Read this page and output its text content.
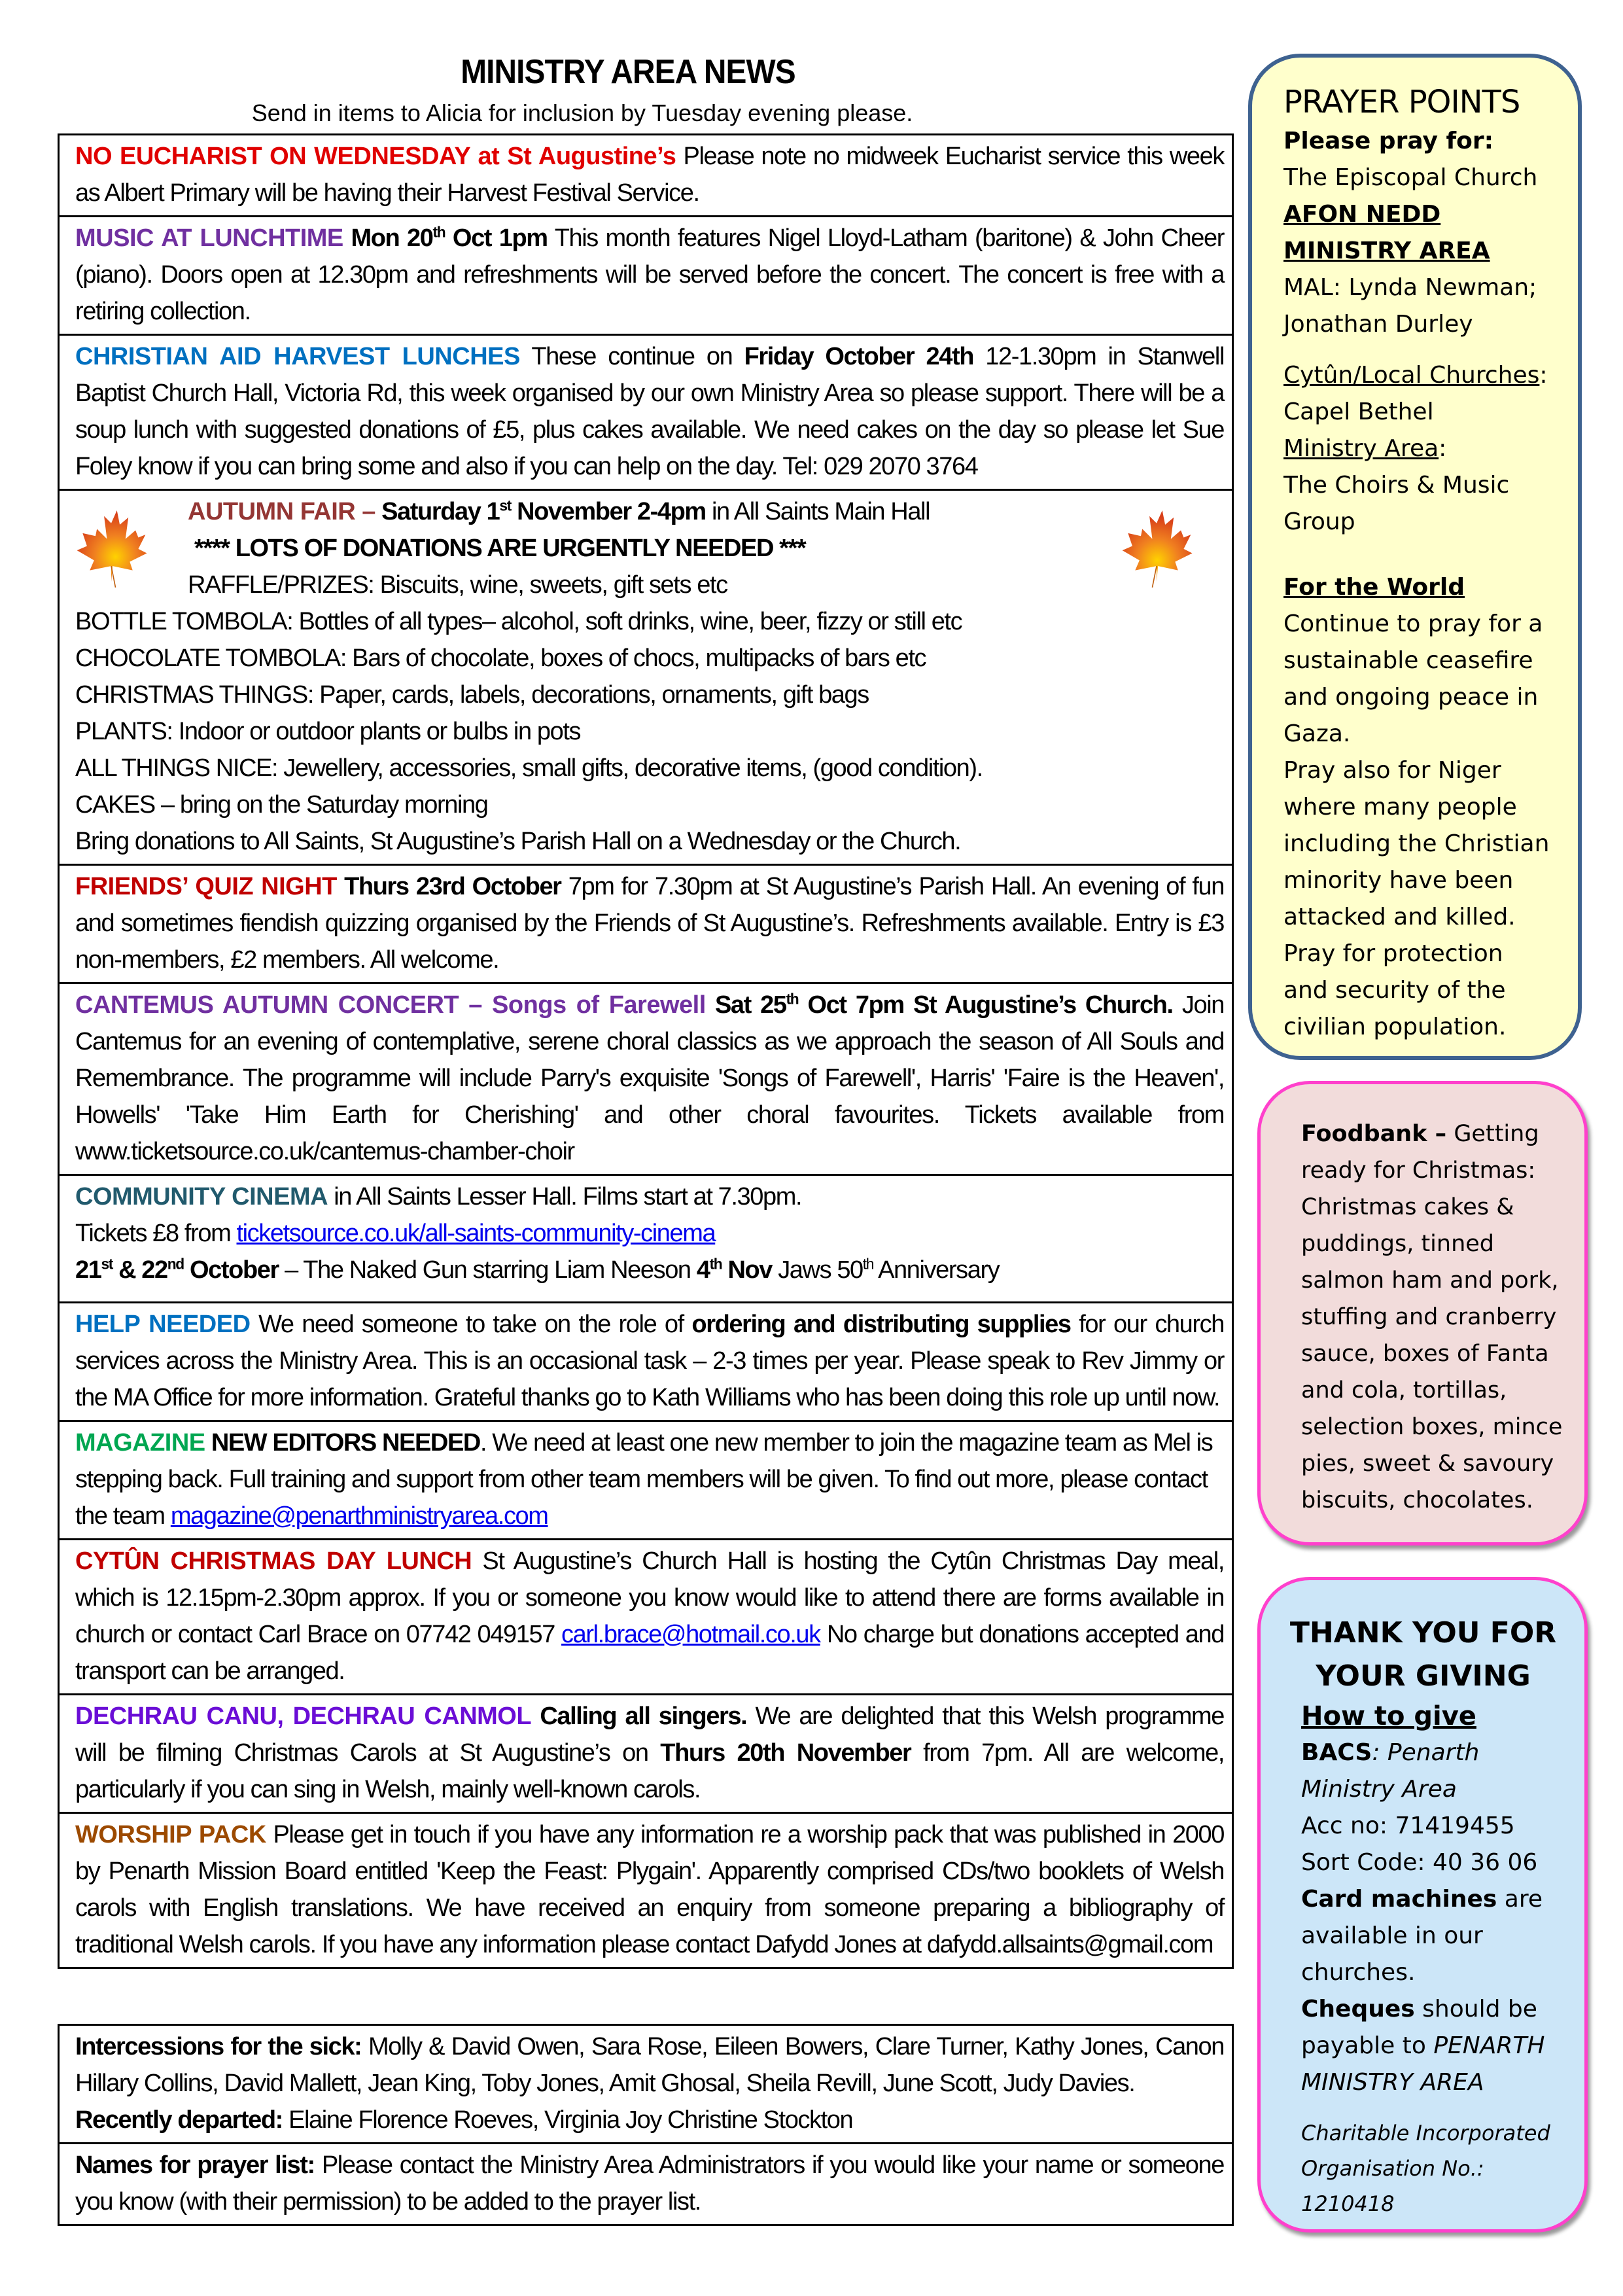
MINISTRY AREA NEWS
Send in items to Alicia for inclusion by Tuesday evening please.
NO EUCHARIST ON WEDNESDAY at St Augustine’s Please note no midweek Eucharist service this week as Albert Primary will be having their Harvest Festival Service.
MUSIC AT LUNCHTIME Mon 20th Oct 1pm This month features Nigel Lloyd-Latham (baritone) & John Cheer (piano). Doors open at 12.30pm and refreshments will be served before the concert. The concert is free with a retiring collection.
CHRISTIAN AID HARVEST LUNCHES These continue on Friday October 24th 12-1.30pm in Stanwell Baptist Church Hall, Victoria Rd, this week organised by our own Ministry Area so please support. There will be a soup lunch with suggested donations of £5, plus cakes available. We need cakes on the day so please let Sue Foley know if you can bring some and also if you can help on the day. Tel: 029 2070 3764
AUTUMN FAIR – Saturday 1st November 2-4pm in All Saints Main Hall
**** LOTS OF DONATIONS ARE URGENTLY NEEDED ***
RAFFLE/PRIZES: Biscuits, wine, sweets, gift sets etc
BOTTLE TOMBOLA: Bottles of all types– alcohol, soft drinks, wine, beer, fizzy or still etc
CHOCOLATE TOMBOLA: Bars of chocolate, boxes of chocs, multipacks of bars etc
CHRISTMAS THINGS: Paper, cards, labels, decorations, ornaments, gift bags
PLANTS: Indoor or outdoor plants or bulbs in pots
ALL THINGS NICE: Jewellery, accessories, small gifts, decorative items, (good condition).
CAKES – bring on the Saturday morning
Bring donations to All Saints, St Augustine’s Parish Hall on a Wednesday or the Church.
FRIENDS’ QUIZ NIGHT Thurs 23rd October 7pm for 7.30pm at St Augustine’s Parish Hall. An evening of fun and sometimes fiendish quizzing organised by the Friends of St Augustine’s. Refreshments available. Entry is £3 non-members, £2 members. All welcome.
CANTEMUS AUTUMN CONCERT – Songs of Farewell Sat 25th Oct 7pm St Augustine’s Church. Join Cantemus for an evening of contemplative, serene choral classics as we approach the season of All Souls and Remembrance. The programme will include Parry's exquisite 'Songs of Farewell', Harris' 'Faire is the Heaven', Howells' 'Take Him Earth for Cherishing' and other choral favourites. Tickets available from www.ticketsource.co.uk/cantemus-chamber-choir
COMMUNITY CINEMA in All Saints Lesser Hall. Films start at 7.30pm.
Tickets £8 from ticketsource.co.uk/all-saints-community-cinema
21st & 22nd October – The Naked Gun starring Liam Neeson 4th Nov Jaws 50th Anniversary
HELP NEEDED We need someone to take on the role of ordering and distributing supplies for our church services across the Ministry Area. This is an occasional task – 2-3 times per year. Please speak to Rev Jimmy or the MA Office for more information. Grateful thanks go to Kath Williams who has been doing this role up until now.
MAGAZINE NEW EDITORS NEEDED. We need at least one new member to join the magazine team as Mel is stepping back. Full training and support from other team members will be given. To find out more, please contact the team magazine@penarthministryarea.com
CYTÛN CHRISTMAS DAY LUNCH St Augustine’s Church Hall is hosting the Cytûn Christmas Day meal, which is 12.15pm-2.30pm approx. If you or someone you know would like to attend there are forms available in church or contact Carl Brace on 07742 049157 carl.brace@hotmail.co.uk No charge but donations accepted and transport can be arranged.
DECHRAU CANU, DECHRAU CANMOL Calling all singers. We are delighted that this Welsh programme will be filming Christmas Carols at St Augustine’s on Thurs 20th November from 7pm. All are welcome, particularly if you can sing in Welsh, mainly well-known carols.
WORSHIP PACK Please get in touch if you have any information re a worship pack that was published in 2000 by Penarth Mission Board entitled 'Keep the Feast: Plygain'. Apparently comprised CDs/two booklets of Welsh carols with English translations. We have received an enquiry from someone preparing a bibliography of traditional Welsh carols. If you have any information please contact Dafydd Jones at dafydd.allsaints@gmail.com
Intercessions for the sick: Molly & David Owen, Sara Rose, Eileen Bowers, Clare Turner, Kathy Jones, Canon Hillary Collins, David Mallett, Jean King, Toby Jones, Amit Ghosal, Sheila Revill, June Scott, Judy Davies.
Recently departed: Elaine Florence Roeves, Virginia Joy Christine Stockton
Names for prayer list: Please contact the Ministry Area Administrators if you would like your name or someone you know (with their permission) to be added to the prayer list.
PRAYER POINTS
Please pray for:
The Episcopal Church
AFON NEDD
MINISTRY AREA
MAL: Lynda Newman;
Jonathan Durley
Cytûn/Local Churches:
Capel Bethel
Ministry Area:
The Choirs & Music
Group
For the World
Continue to pray for a
sustainable ceasefire
and ongoing peace in
Gaza.
Pray also for Niger
where many people
including the Christian
minority have been
attacked and killed.
Pray for protection
and security of the
civilian population.
Foodbank – Getting
ready for Christmas:
Christmas cakes &
puddings, tinned
salmon ham and pork,
stuffing and cranberry
sauce, boxes of Fanta
and cola, tortillas,
selection boxes, mince
pies, sweet & savoury
biscuits, chocolates.
THANK YOU FOR
YOUR GIVING
How to give
BACS: Penarth
Ministry Area
Acc no: 71419455
Sort Code: 40 36 06
Card machines are
available in our
churches.
Cheques should be
payable to PENARTH
MINISTRY AREA
Charitable Incorporated
Organisation No.:
1210418
